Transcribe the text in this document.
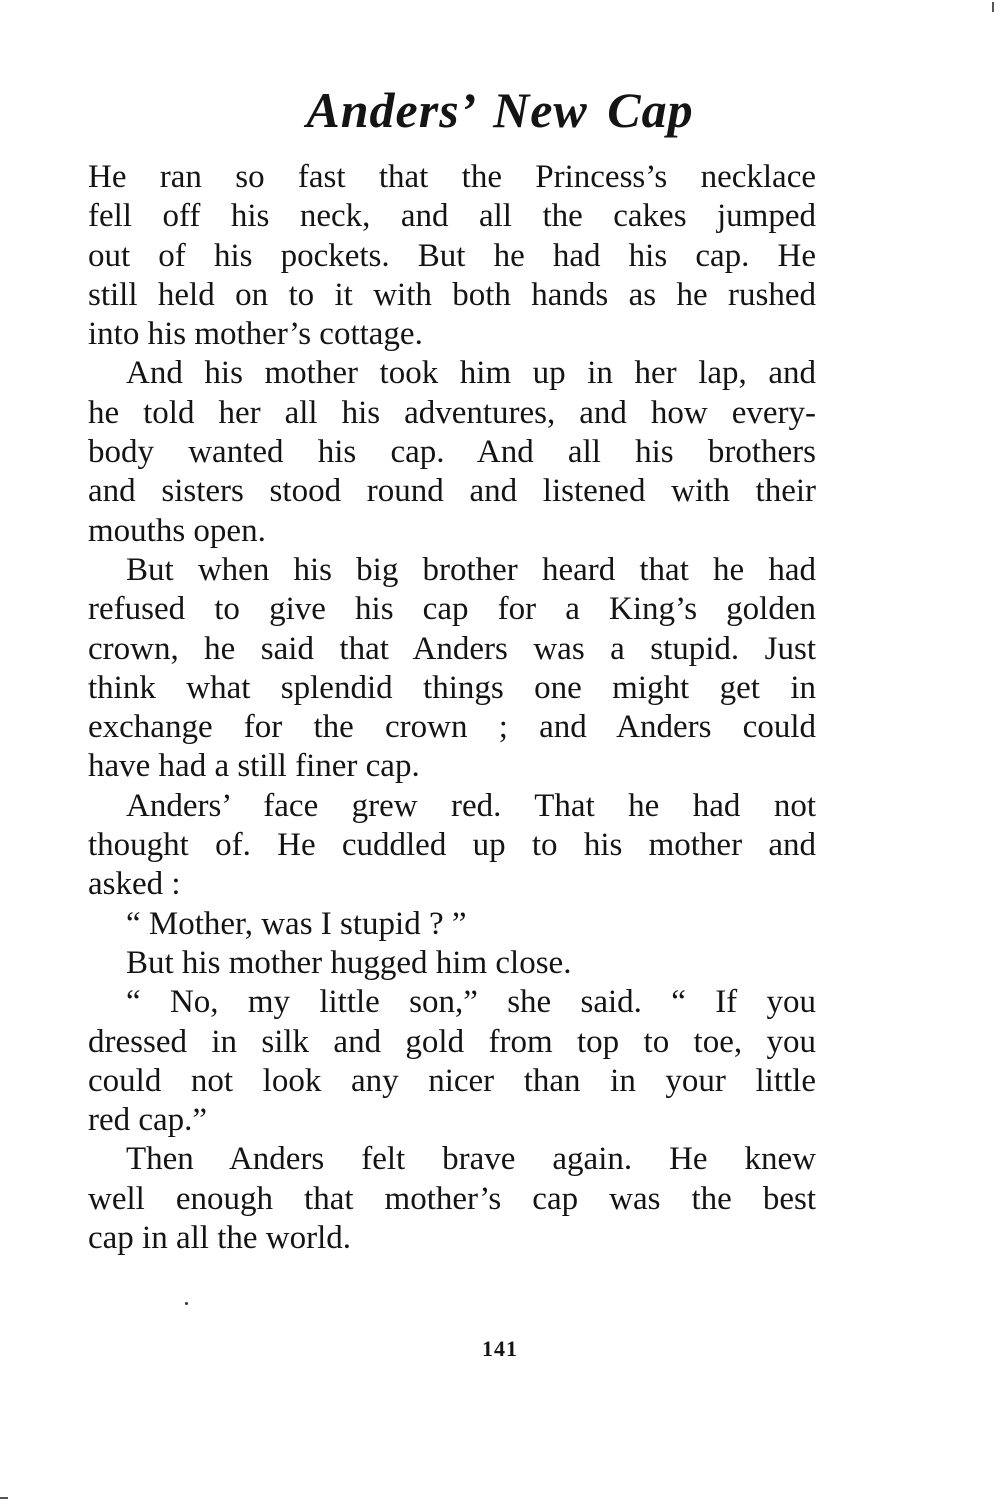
Anders’ New Cap
He ran so fast that the Princess’s necklace
fell off his neck, and all the cakes jumped
out of his pockets. But he had his cap. He
still held on to it with both hands as he rushed
into his mother’s cottage.
And his mother took him up in her lap, and
he told her all his adventures, and how every-
body wanted his cap. And all his brothers
and sisters stood round and listened with their
mouths open.
But when his big brother heard that he had
refused to give his cap for a King’s golden
crown, he said that Anders was a stupid. Just
think what splendid things one might get in
exchange for the crown ; and Anders could
have had a still finer cap.
Anders’ face grew red. That he had not
thought of. He cuddled up to his mother and
asked :
“ Mother, was I stupid ? ”
But his mother hugged him close.
“ No, my little son,” she said. “ If you
dressed in silk and gold from top to toe, you
could not look any nicer than in your little
red cap.”
Then Anders felt brave again. He knew
well enough that mother’s cap was the best
cap in all the world.

141
